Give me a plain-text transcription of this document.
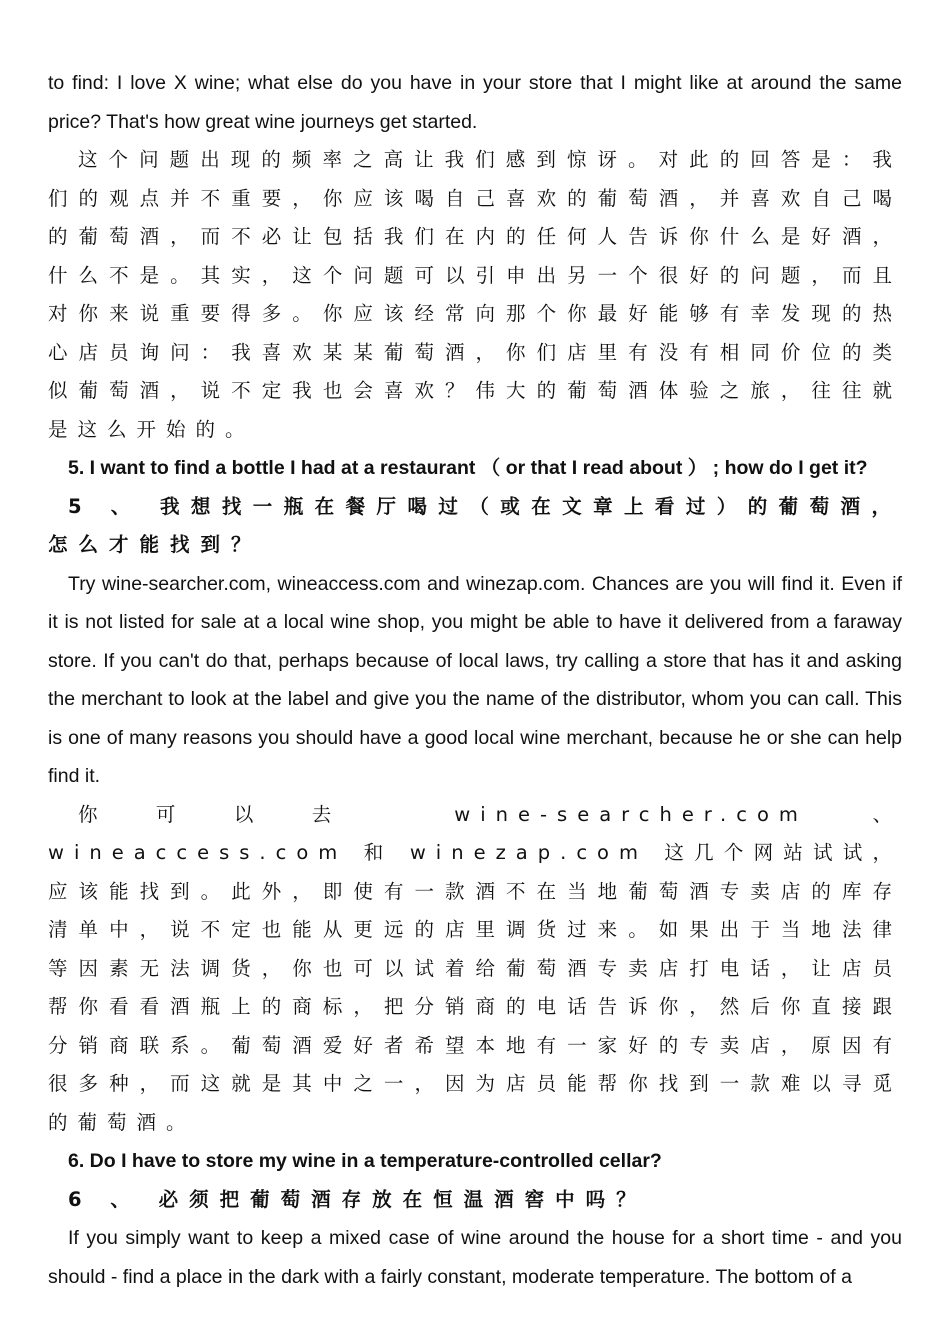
to find: I love X wine; what else do you have in your store that I might like at around the same price? That's how great wine journeys get started.

这个问题出现的频率之高让我们感到惊讶。对此的回答是：我们的观点并不重要，你应该喝自己喜欢的葡萄酒，并喜欢自己喝的葡萄酒，而不必让包括我们在内的任何人告诉你什么是好酒，什么不是。其实，这个问题可以引申出另一个很好的问题，而且对你来说重要得多。你应该经常向那个你最好能够有幸发现的热心店员询问：我喜欢某某葡萄酒，你们店里有没有相同价位的类似葡萄酒，说不定我也会喜欢？伟大的葡萄酒体验之旅，往往就是这么开始的。

5. I want to find a bottle I had at a restaurant （ or that I read about ） ; how do I get it?

5 、 我想找一瓶在餐厅喝过（或在文章上看过）的葡萄酒，怎么才能找到？

Try wine-searcher.com, wineaccess.com and winezap.com. Chances are you will find it. Even if it is not listed for sale at a local wine shop, you might be able to have it delivered from a faraway store. If you can't do that, perhaps because of local laws, try calling a store that has it and asking the merchant to look at the label and give you the name of the distributor, whom you can call. This is one of many reasons you should have a good local wine merchant, because he or she can help find it.

你可以去 wine-searcher.com 、 wineaccess.com 和 winezap.com 这几个网站试试，应该能找到。此外，即使有一款酒不在当地葡萄酒专卖店的库存清单中，说不定也能从更远的店里调货过来。如果出于当地法律等因素无法调货，你也可以试着给葡萄酒专卖店打电话，让店员帮你看看酒瓶上的商标，把分销商的电话告诉你，然后你直接跟分销商联系。葡萄酒爱好者希望本地有一家好的专卖店，原因有很多种，而这就是其中之一，因为店员能帮你找到一款难以寻觅的葡萄酒。

6. Do I have to store my wine in a temperature-controlled cellar?

6 、 必须把葡萄酒存放在恒温酒窖中吗？

If you simply want to keep a mixed case of wine around the house for a short time - and you should - find a place in the dark with a fairly constant, moderate temperature. The bottom of a
